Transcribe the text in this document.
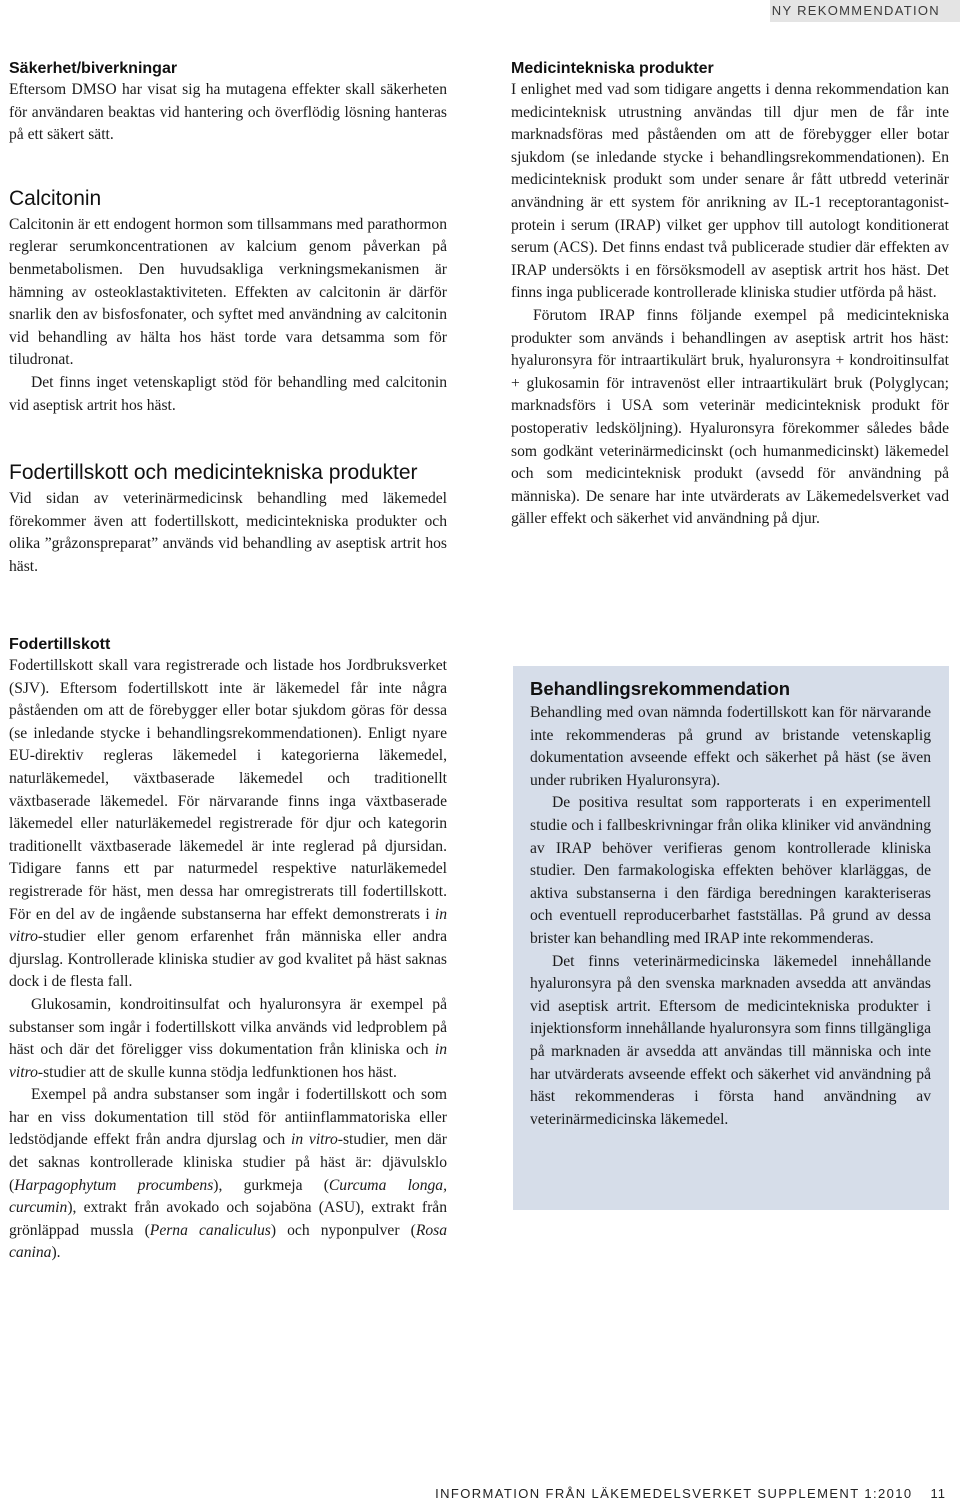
NY REKOMMENDATION
Säkerhet/biverkningar

Eftersom DMSO har visat sig ha mutagena effekter skall säkerheten för användaren beaktas vid hantering och överflödig lösning hanteras på ett säkert sätt.

Calcitonin

Calcitonin är ett endogent hormon som tillsammans med parathormon reglerar serumkoncentrationen av kalcium genom påverkan på benmetabolismen. Den huvudsakliga verkningsmekanismen är hämning av osteoklastaktiviteten. Effekten av calcitonin är därför snarlik den av bisfosfonater, och syftet med användning av calcitonin vid behandling av hälta hos häst torde vara detsamma som för tiludronat.

Det finns inget vetenskapligt stöd för behandling med calcitonin vid aseptisk artrit hos häst.

Fodertillskott och medicintekniska produkter

Vid sidan av veterinärmedicinsk behandling med läkemedel förekommer även att fodertillskott, medicintekniska produkter och olika ”gråzonspreparat” används vid behandling av aseptisk artrit hos häst.

Medicintekniska produkter

I enlighet med vad som tidigare angetts i denna rekommendation kan medicinteknisk utrustning användas till djur men de får inte marknadsföras med påståenden om att de förebygger eller botar sjukdom (se inledande stycke i behandlingsrekommendationen). En medicinteknisk produkt som under senare år fått utbredd veterinär användning är ett system för anrikning av IL-1 receptorantagonist-protein i serum (IRAP) vilket ger upphov till autologt konditionerat serum (ACS). Det finns endast två publicerade studier där effekten av IRAP undersökts i en försöksmodell av aseptisk artrit hos häst. Det finns inga publicerade kontrollerade kliniska studier utförda på häst.

Förutom IRAP finns följande exempel på medicintekniska produkter som används i behandlingen av aseptisk artrit hos häst: hyaluronsyra för intraartikulärt bruk, hyaluronsyra + kondroitinsulfat + glukosamin för intravenöst eller intraartikulärt bruk (Polyglycan; marknadsförs i USA som veterinär medicinteknisk produkt för postoperativ ledsköljning). Hyaluronsyra förekommer således både som godkänt veterinärmedicinskt (och humanmedicinskt) läkemedel och som medicinteknisk produkt (avsedd för användning på människa). De senare har inte utvärderats av Läkemedelsverket vad gäller effekt och säkerhet vid användning på djur.

Fodertillskott

Fodertillskott skall vara registrerade och listade hos Jordbruksverket (SJV). Eftersom fodertillskott inte är läkemedel får inte några påståenden om att de förebygger eller botar sjukdom göras för dessa (se inledande stycke i behandlingsrekommendationen). Enligt nyare EU-direktiv regleras läkemedel i kategorierna läkemedel, naturläkemedel, växtbaserade läkemedel och traditionellt växtbaserade läkemedel. För närvarande finns inga växtbaserade läkemedel eller naturläkemedel registrerade för djur och kategorin traditionellt växtbaserade läkemedel är inte reglerad på djursidan. Tidigare fanns ett par naturmedel respektive naturläkemedel registrerade för häst, men dessa har omregistrerats till fodertillskott. För en del av de ingående substanserna har effekt demonstrerats i in vitro-studier eller genom erfarenhet från människa eller andra djurslag. Kontrollerade kliniska studier av god kvalitet på häst saknas dock i de flesta fall.

Glukosamin, kondroitinsulfat och hyaluronsyra är exempel på substanser som ingår i fodertillskott vilka används vid ledproblem på häst och där det föreligger viss dokumentation från kliniska och in vitro-studier att de skulle kunna stödja ledfunktionen hos häst.

Exempel på andra substanser som ingår i fodertillskott och som har en viss dokumentation till stöd för antiinflammatoriska eller ledstödjande effekt från andra djurslag och in vitro-studier, men där det saknas kontrollerade kliniska studier på häst är: djävulsklo (Harpagophytum procumbens), gurkmeja (Curcuma longa, curcumin), extrakt från avokado och sojaböna (ASU), extrakt från grönläppad mussla (Perna canaliculus) och nyponpulver (Rosa canina).

Behandlingsrekommendation

Behandling med ovan nämnda fodertillskott kan för närvarande inte rekommenderas på grund av bristande vetenskaplig dokumentation avseende effekt och säkerhet på häst (se även under rubriken Hyaluronsyra).

De positiva resultat som rapporterats i en experimentell studie och i fallbeskrivningar från olika kliniker vid användning av IRAP behöver verifieras genom kontrollerade kliniska studier. Den farmakologiska effekten behöver klarläggas, de aktiva substanserna i den färdiga beredningen karakteriseras och eventuell reproducerbarhet fastställas. På grund av dessa brister kan behandling med IRAP inte rekommenderas.

Det finns veterinärmedicinska läkemedel innehållande hyaluronsyra på den svenska marknaden avsedda att användas vid aseptisk artrit. Eftersom de medicintekniska produkter i injektionsform innehållande hyaluronsyra som finns tillgängliga på marknaden är avsedda att användas till människa och inte har utvärderats avseende effekt och säkerhet vid användning på häst rekommenderas i första hand användning av veterinärmedicinska läkemedel.

INFORMATION FRÅN LÄKEMEDELSVERKET SUPPLEMENT 1:2010 11
